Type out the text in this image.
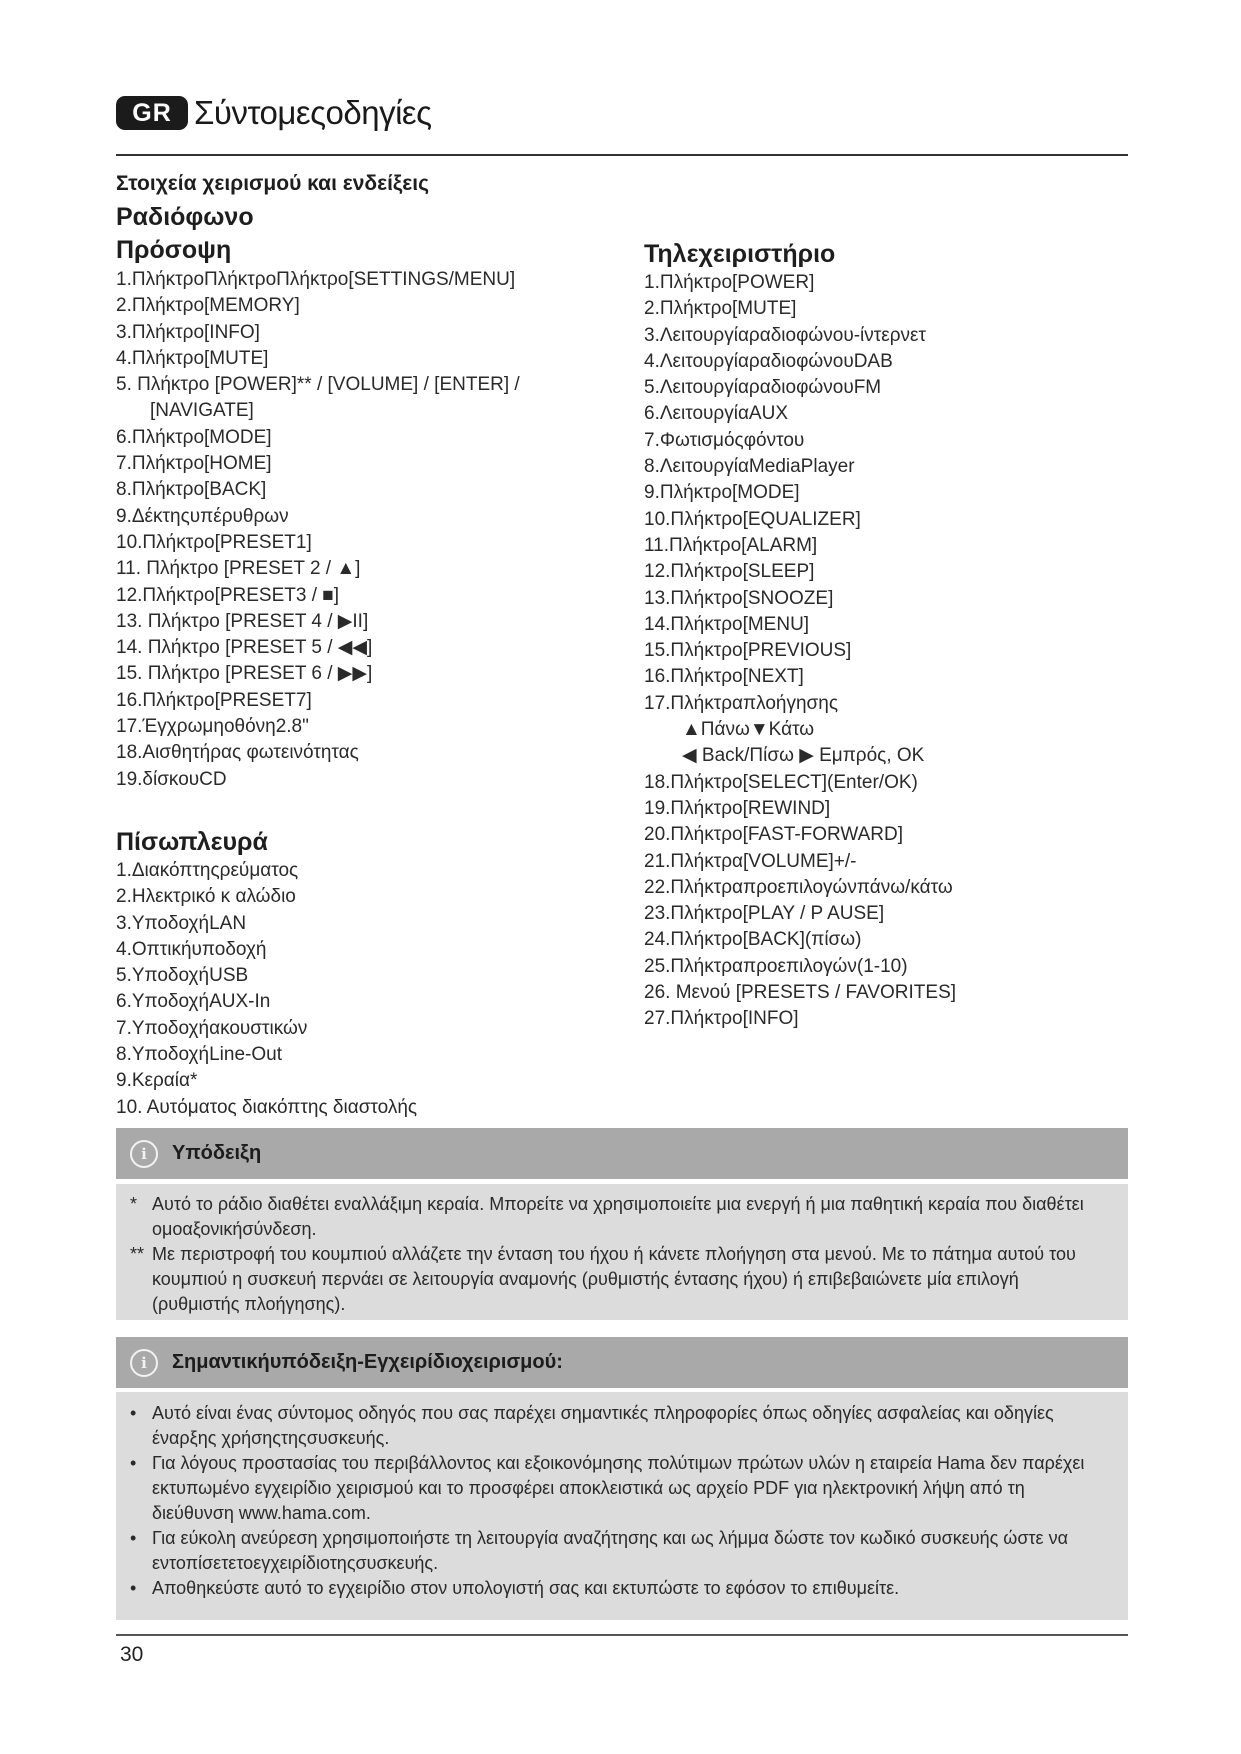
GR Σύντομεςοδηγίες
Στοιχεία χειρισμού και ενδείξεις
Ραδιόφωνο
Πρόσοψη
1.ΠλήκτροΠλήκτροΠλήκτρο[SETTINGS/MENU]
2.Πλήκτρο[MEMORY]
3.Πλήκτρο[INFO]
4.Πλήκτρο[MUTE]
5. Πλήκτρο [POWER]** / [VOLUME] / [ENTER] /
[NAVIGATE]
6.Πλήκτρο[MODE]
7.Πλήκτρο[HOME]
8.Πλήκτρο[BACK]
9.Δέκτηςυπέρυθρων
10.Πλήκτρο[PRESET1]
11. Πλήκτρο [PRESET 2 / ▲]
12.Πλήκτρο[PRESET3 / ■]
13. Πλήκτρο [PRESET 4 / ▶II]
14. Πλήκτρο [PRESET 5 / ◀◀]
15. Πλήκτρο [PRESET 6 / ▶▶]
16.Πλήκτρο[PRESET7]
17.Έγχρωμηοθόνη2.8"
18.Αισθητήρας φωτεινότητας
19.δίσκουCD
Πίσωπλευρά
1.Διακόπτηςρεύματος
2.Ηλεκτρικό κ αλώδιο
3.ΥποδοχήLAN
4.Οπτικήυποδοχή
5.ΥποδοχήUSB
6.ΥποδοχήAUX-In
7.Υποδοχήακουστικών
8.ΥποδοχήLine-Out
9.Κεραία*
10. Αυτόματος διακόπτης διαστολής
Τηλεχειριστήριο
1.Πλήκτρο[POWER]
2.Πλήκτρο[MUTE]
3.Λειτουργίαραδιοφώνου-ίντερνετ
4.ΛειτουργίαραδιοφώνουDAB
5.ΛειτουργίαραδιοφώνουFM
6.ΛειτουργίαAUX
7.Φωτισμόςφόντου
8.ΛειτουργίαMediaPlayer
9.Πλήκτρο[MODE]
10.Πλήκτρο[EQUALIZER]
11.Πλήκτρο[ALARM]
12.Πλήκτρο[SLEEP]
13.Πλήκτρο[SNOOZE]
14.Πλήκτρο[MENU]
15.Πλήκτρο[PREVIOUS]
16.Πλήκτρο[NEXT]
17.Πλήκτραπλοήγησης
▲Πάνω▼Κάτω
◀ Back/Πίσω ▶ Εμπρός, OK
18.Πλήκτρο[SELECT](Enter/OK)
19.Πλήκτρο[REWIND]
20.Πλήκτρο[FAST-FORWARD]
21.Πλήκτρα[VOLUME]+/-
22.Πλήκτραπροεπιλογώνπάνω/κάτω
23.Πλήκτρο[PLAY / P AUSE]
24.Πλήκτρο[BACK](πίσω)
25.Πλήκτραπροεπιλογών(1-10)
26. Μενού [PRESETS / FAVORITES]
27.Πλήκτρο[INFO]
i	Υπόδειξη
* Αυτό το ράδιο διαθέτει εναλλάξιμη κεραία. Μπορείτε να χρησιμοποιείτε μια ενεργή ή μια παθητική κεραία που διαθέτει ομοαξονικήσύνδεση.
** Με περιστροφή του κουμπιού αλλάζετε την ένταση του ήχου ή κάνετε πλοήγηση στα μενού. Με το πάτημα αυτού του κουμπιού η συσκευή περνάει σε λειτουργία αναμονής (ρυθμιστής έντασης ήχου) ή επιβεβαιώνετε μία επιλογή (ρυθμιστής πλοήγησης).
i	Σημαντικήυπόδειξη-Εγχειρίδιοχειρισμού:
• Αυτό είναι ένας σύντομος οδηγός που σας παρέχει σημαντικές πληροφορίες όπως οδηγίες ασφαλείας και οδηγίες έναρξης χρήσηςτηςσυσκευής.
• Για λόγους προστασίας του περιβάλλοντος και εξοικονόμησης πολύτιμων πρώτων υλών η εταιρεία Hama δεν παρέχει εκτυπωμένο εγχειρίδιο χειρισμού και το προσφέρει αποκλειστικά ως αρχείο PDF για ηλεκτρονική λήψη από τη διεύθυνση www.hama.com.
• Για εύκολη ανεύρεση χρησιμοποιήστε τη λειτουργία αναζήτησης και ως λήμμα δώστε τον κωδικό συσκευής ώστε να εντοπίσετετοεγχειρίδιοτηςσυσκευής.
• Αποθηκεύστε αυτό το εγχειρίδιο στον υπολογιστή σας και εκτυπώστε το εφόσον το επιθυμείτε.
30
